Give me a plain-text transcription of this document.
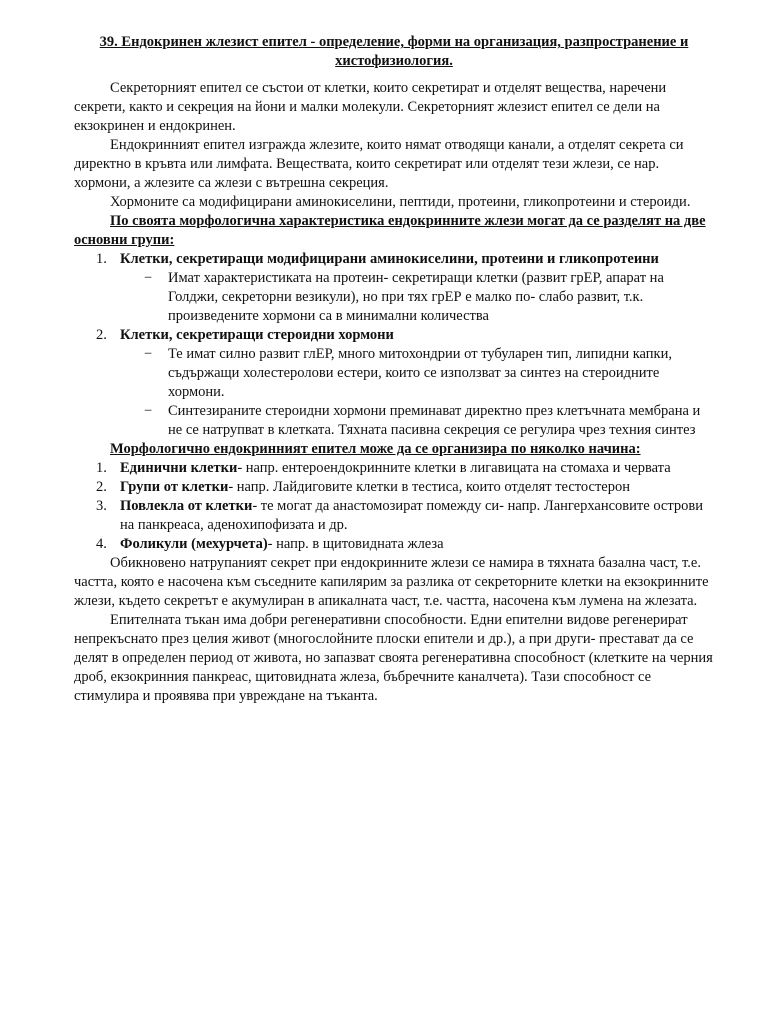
39. Ендокринен жлезист епител - определение, форми на организация, разпространение и хистофизиология.

Секреторният епител се състои от клетки, които секретират и отделят вещества, наречени секрети, както и секреция на йони и малки молекули. Секреторният жлезист епител се дели на екзокринен и ендокринен.

Ендокринният епител изгражда жлезите, които нямат отводящи канали, а отделят секрета си директно в кръвта или лимфата. Веществата, които секретират или отделят тези жлези, се нар. хормони, а жлезите са жлези с вътрешна секреция.

Хормоните са модифицирани аминокиселини, пептиди, протеини, гликопротеини и стероиди.

По своята морфологична характеристика ендокринните жлези могат да се разделят на две основни групи:

1. Клетки, секретиращи модифицирани аминокиселини, протеини и гликопротеини
− Имат характеристиката на протеин- секретиращи клетки (развит грЕР, апарат на Голджи, секреторни везикули), но при тях грЕР е малко по- слабо развит, т.к. произведените хормони са в минимални количества
2. Клетки, секретиращи стероидни хормони
− Те имат силно развит глЕР, много митохондрии от тубуларен тип, липидни капки, съдържащи холестеролови естери, които се използват за синтез на стероидните хормони.
− Синтезираните стероидни хормони преминават директно през клетъчната мембрана и не се натрупват в клетката. Тяхната пасивна секреция се регулира чрез техния синтез

Морфологично ендокринният епител може да се организира по няколко начина:

1. Единични клетки- напр. ентероендокринните клетки в лигавицата на стомаха и червата
2. Групи от клетки- напр. Лайдиговите клетки в тестиса, които отделят тестостерон
3. Повлекла от клетки- те могат да анастомозират помежду си- напр. Лангерхансовите острови на панкреаса, аденохипофизата и др.
4. Фоликули (мехурчета)- напр. в щитовидната жлеза

Обикновено натрупаният секрет при ендокринните жлези се намира в тяхната базална част, т.е. частта, която е насочена към съседните капилярим за разлика от секреторните клетки на екзокринните жлези, където секретът е акумулиран в апикалната част, т.е. частта, насочена към лумена на жлезата.

Епителната тъкан има добри регенеративни способности. Едни епителни видове регенерират непрекъснато през целия живот (многослойните плоски епители и др.), а при други- престават да се делят в определен период от живота, но запазват своята регенеративна способност (клетките на черния дроб, екзокринния панкреас, щитовидната жлеза, бъбречните каналчета). Тази способност се стимулира и проявява при увреждане на тъканта.
